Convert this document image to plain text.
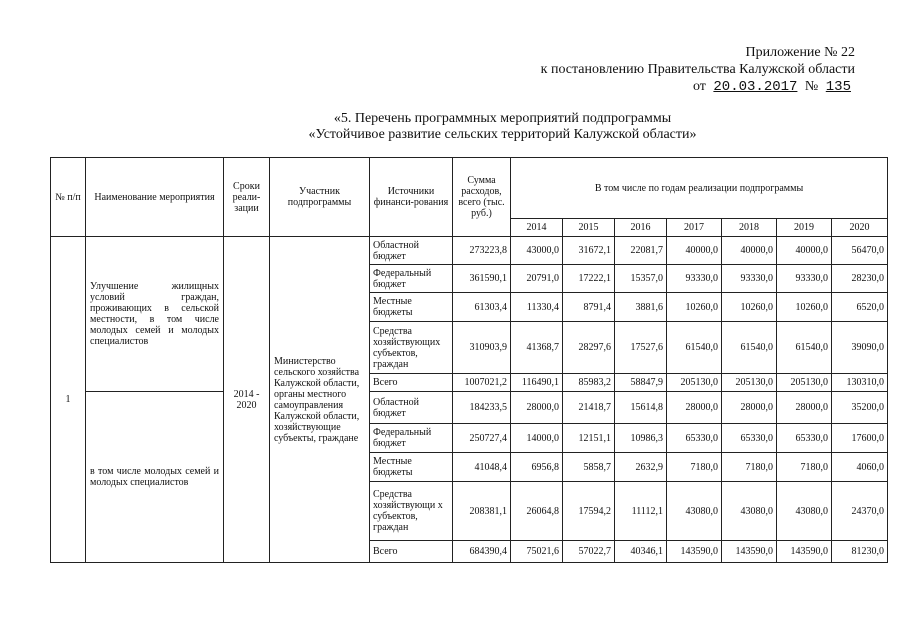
Приложение № 22
к постановлению Правительства Калужской области
от 20.03.2017 № 135
«5. Перечень программных мероприятий подпрограммы
«Устойчивое развитие сельских территорий Калужской области»
№ п/п	Наименование мероприятия	Сроки реали-зации	Участник подпрограммы	Источники финанси-рования	Сумма расходов, всего (тыс. руб.)	В том числе по годам реализации подпрограммы						
						2014	2015	2016	2017	2018	2019	2020
1	Улучшение жилищных условий граждан, проживающих в сельской местности, в том числе молодых семей и молодых специалистов	2014 - 2020	Министерство сельского хозяйства Калужской области, органы местного самоуправления Калужской области, хозяйствующие субъекты, граждане	Областной бюджет	273223,8	43000,0	31672,1	22081,7	40000,0	40000,0	40000,0	56470,0
				Федеральный бюджет	361590,1	20791,0	17222,1	15357,0	93330,0	93330,0	93330,0	28230,0
				Местные бюджеты	61303,4	11330,4	8791,4	3881,6	10260,0	10260,0	10260,0	6520,0
				Средства хозяйствующих субъектов, граждан	310903,9	41368,7	28297,6	17527,6	61540,0	61540,0	61540,0	39090,0
				Всего	1007021,2	116490,1	85983,2	58847,9	205130,0	205130,0	205130,0	130310,0
	в том числе молодых семей и молодых специалистов			Областной бюджет	184233,5	28000,0	21418,7	15614,8	28000,0	28000,0	28000,0	35200,0
				Федеральный бюджет	250727,4	14000,0	12151,1	10986,3	65330,0	65330,0	65330,0	17600,0
				Местные бюджеты	41048,4	6956,8	5858,7	2632,9	7180,0	7180,0	7180,0	4060,0
				Средства хозяйствующи х субъектов, граждан	208381,1	26064,8	17594,2	11112,1	43080,0	43080,0	43080,0	24370,0
				Всего	684390,4	75021,6	57022,7	40346,1	143590,0	143590,0	143590,0	81230,0
